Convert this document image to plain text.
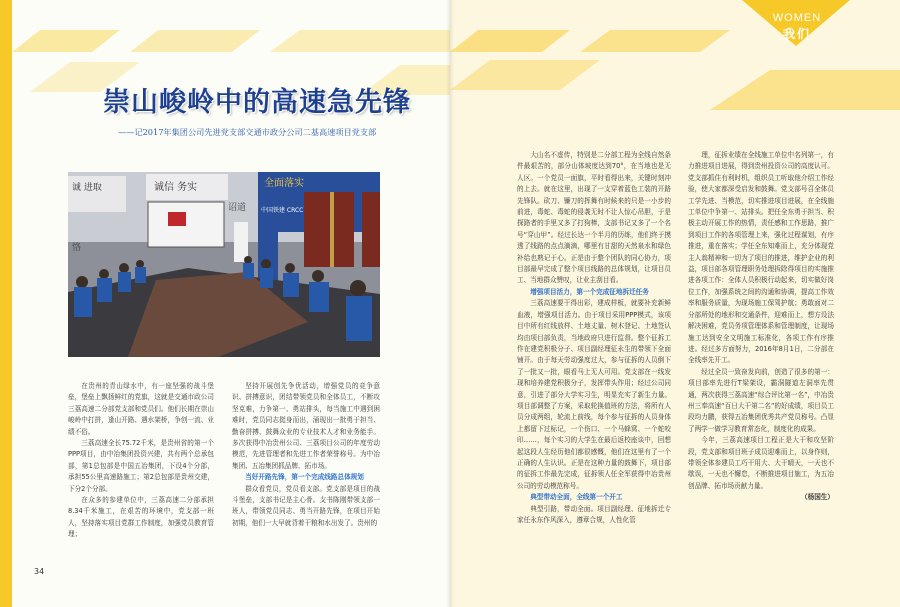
崇山峻岭中的高速急先锋
——记2017年集团公司先进党支部交通市政分公司二基高速项目党支部
诚 进取	诚信 务实	全面落实
恪
诏道 中国铁建 CRCC

在贵州的青山绿水中，有一座坚强的战斗堡垒，堡垒上飘扬鲜红的党旗，这就是交通市政公司三荔高速二分部党支部和党员们。他们长期在崇山峻岭中打拼，逢山开路、遇水架桥，争创一流、业绩不俗。

三荔高速全长75.72千米，是贵州省的第一个PPP项目，由中冶集团投资兴建，共有两个总承包部，第1总包部是中国五冶集团，下设4个分部，承担55公里高速路施工；第2总包部是贵州交建，下分2个分部。

在众多的参建单位中，三荔高速二分部承担8.34千米施工，在艰苦的环境中，党支部一班人，坚持落实项目党群工作制度，加强党员教育管理；

坚持开展创先争优活动，增强党员的竞争意识、拼搏意识，团结带领党员和全体员工，不断攻坚克难，力争第一、勇站排头，每当施工中遇到困难时，党员同志挺身而出，涌现出一批勇于担当、勤奋拼搏、鼓舞众业的专业技术人才和业务能手。多次获得中冶贵州公司、三荔项目公司的年度劳动模范，先进管理者和先进工作者荣誉称号。为中冶集团、五冶集团抓品牌、拓市场。

当好开路先锋，第一个完成线路总体规划

群众看党员，党员看支部。党支部是项目的战斗堡垒，支部书记是主心骨。支书陈刚带领支部一班人，带领党员同志、勇当开路先锋，在项目开始初期，他们一大早就背着干粮和水出发了。贵州的

34
WOMEN
我们

大山名不虚传，特别是二分部工程为全线自然条件最艰苦的，部分山体坡度达到70°，在当地也是无人区。一个党员一面旗，平时看得出来，关键时刻冲的上去。就在这里，出现了一支穿着蓝色工装的开路先锋队。砍刀、镰刀的挥舞有时候来的只是一小步的前进，毒蛇、毒蛇的侵袭无时不让人惊心吊胆，于是探路者的手里又多了打狗棒，支部书记又多了一个名号“穿山甲”。经过长达一个半月的历练，他们终于摸透了线路的点点滴滴，哪里有甘甜的天然泉水和绿色补给也熟记于心。正是由于整个团队的同心协力，项目部最早完成了整个项目线路的总体规划，让项目员工、当地群众赞叹，让业主刮目看。

增强项目活力，第一个完成征地拆迁任务

三荔高速要干得出彩，建成样板，就要补充新鲜血液，增强项目活力。由于项目采用PPP模式，该项目中所有红线放样、土地丈量、树木登记、土地签认均由项目部负责，当地政府只进行监督。整个征拆工作在建党积极分子、项目副经理征永生的带领下全面铺开。由于每天劳动强度过大，参与征拆的人员倒下了一批又一批，眼看马上无人可用。党支部在一线发现和培养建党积极分子，发挥带头作用；经过公司同意，引进了部分大学实习生，明显充实了新生力量。项目部调整了方案，采取轮换值班的方法，将所有人员分成两组，轮流上前线，每个参与征拆的人员身体上都留下过标记，一个伤口、一个马蜂窝、一个蛇咬印……，每个实习的大学生在最后返校座谈中，回想起这段人生经历他们都很感慨，他们在这里有了一个正确的人生认识。正是在这种力量的鼓舞下，项目部的征拆工作最先完成，征拆领人任全军获得中冶贵州公司的劳动模范称号。

典型带动全面，全线第一个开工

典型引路，带动全面。项目副经理、征地拆迁专家任永东作风深入，遵章合规，人性化管

理，征拆业绩在全线施工单位中名列第一，有力推进项目进展，得到贵州投资公司的高度认可。党支部抓住有利时机，组织员工听取他介绍工作经验，使大家都深受启发和鼓舞。党支部号召全体员工学先进、当模范，切实推进项目进展，在全线施工单位中争第一、站排头。把任全东勇于担当、积极主动开展工作的热情，责任感和工作思路，推广到项目工作的各项管理上来，强化过程谋划，有序推进，重在落实；学任全东知难而上，充分体现党主人翁精神和一切为了项目的推进，维护企业的利益，项目部各项管理职务处理拆除得项目的实施推进各项工作：全体人员积极行动起来，切实做好岗位工作，加强系统之间的沟通和协调，提高工作效率和服务质量，为现场施工保驾护航；勇敢面对二分部所处的地形和交通条件，迎难而上，想方设法解决困难，党员务项管理体系和管理制度，让现场施工达到安全文明施工标准化，各项工作有序推进。经过多方面努力，2016年8月1日，二分部在全线率先开工。

经过全员一致奋发向前，创造了很多的第一：项目部率先进行T梁架设，霸洞隧道左洞率先贯通，两次获得三荔高速“综合评比第一名”，中冶贵州三奉高速“百日大干第二名”的好成绩，项目员工段均力鹏，获得五冶集团优秀共产党员称号。凸显了两学一做学习教育常态化，制度化的成果。

今年，三荔高速项目工程正是大干和攻坚阶段，党支部和项目班子成员迎难而上，以身作则，带领全体参建员工巧干用大、大干晴天，一天也不歇误，一天也不懈怠，不断推进项目施工，为五冶创品牌、拓市场贡献力量。

（杨国生）
